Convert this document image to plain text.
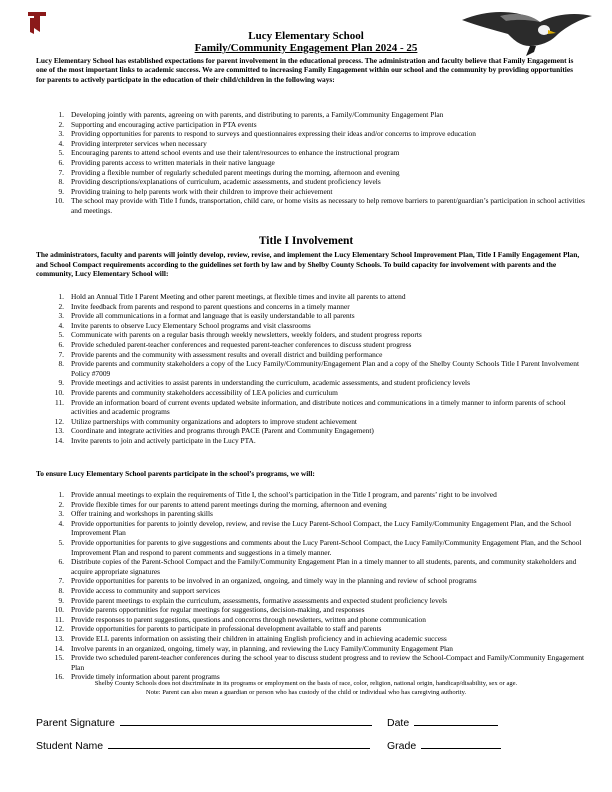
Lucy Elementary School
Family/Community Engagement Plan 2024 - 25
Lucy Elementary School has established expectations for parent involvement in the educational process. The administration and faculty believe that Family Engagement is one of the most important links to academic success. We are committed to increasing Family Engagement within our school and the community by providing opportunities for parents to actively participate in the education of their child/children in the following ways:
1. Developing jointly with parents, agreeing on with parents, and distributing to parents, a Family/Community Engagement Plan
2. Supporting and encouraging active participation in PTA events
3. Providing opportunities for parents to respond to surveys and questionnaires expressing their ideas and/or concerns to improve education
4. Providing interpreter services when necessary
5. Encouraging parents to attend school events and use their talent/resources to enhance the instructional program
6. Providing parents access to written materials in their native language
7. Providing a flexible number of regularly scheduled parent meetings during the morning, afternoon and evening
8. Providing descriptions/explanations of curriculum, academic assessments, and student proficiency levels
9. Providing training to help parents work with their children to improve their achievement
10. The school may provide with Title I funds, transportation, child care, or home visits as necessary to help remove barriers to parent/guardian’s participation in school activities and meetings.
Title I Involvement
The administrators, faculty and parents will jointly develop, review, revise, and implement the Lucy Elementary School Improvement Plan, Title I Family Engagement Plan, and School Compact requirements according to the guidelines set forth by law and by Shelby County Schools. To build capacity for involvement with parents and the community, Lucy Elementary School will:
1. Hold an Annual Title I Parent Meeting and other parent meetings, at flexible times and invite all parents to attend
2. Invite feedback from parents and respond to parent questions and concerns in a timely manner
3. Provide all communications in a format and language that is easily understandable to all parents
4. Invite parents to observe Lucy Elementary School programs and visit classrooms
5. Communicate with parents on a regular basis through weekly newsletters, weekly folders, and student progress reports
6. Provide scheduled parent-teacher conferences and requested parent-teacher conferences to discuss student progress
7. Provide parents and the community with assessment results and overall district and building performance
8. Provide parents and community stakeholders a copy of the Lucy Family/Community/Engagement Plan and a copy of the Shelby County Schools Title I Parent Involvement Policy #7009
9. Provide meetings and activities to assist parents in understanding the curriculum, academic assessments, and student proficiency levels
10. Provide parents and community stakeholders accessibility of LEA policies and curriculum
11. Provide an information board of current events updated website information, and distribute notices and communications in a timely manner to inform parents of school activities and academic programs
12. Utilize partnerships with community organizations and adopters to improve student achievement
13. Coordinate and integrate activities and programs through PACE (Parent and Community Engagement)
14. Invite parents to join and actively participate in the Lucy PTA.
To ensure Lucy Elementary School parents participate in the school’s programs, we will:
1. Provide annual meetings to explain the requirements of Title I, the school’s participation in the Title I program, and parents’ right to be involved
2. Provide flexible times for our parents to attend parent meetings during the morning, afternoon and evening
3. Offer training and workshops in parenting skills
4. Provide opportunities for parents to jointly develop, review, and revise the Lucy Parent-School Compact, the Lucy Family/Community Engagement Plan, and the School Improvement Plan
5. Provide opportunities for parents to give suggestions and comments about the Lucy Parent-School Compact, the Lucy Family/Community Engagement Plan, and the School Improvement Plan and respond to parent comments and suggestions in a timely manner.
6. Distribute copies of the Parent-School Compact and the Family/Community Engagement Plan in a timely manner to all students, parents, and community stakeholders and acquire appropriate signatures
7. Provide opportunities for parents to be involved in an organized, ongoing, and timely way in the planning and review of school programs
8. Provide access to community and support services
9. Provide parent meetings to explain the curriculum, assessments, formative assessments and expected student proficiency levels
10. Provide parents opportunities for regular meetings for suggestions, decision-making, and responses
11. Provide responses to parent suggestions, questions and concerns through newsletters, written and phone communication
12. Provide opportunities for parents to participate in professional development available to staff and parents
13. Provide ELL parents information on assisting their children in attaining English proficiency and in achieving academic success
14. Involve parents in an organized, ongoing, timely way, in planning, and reviewing the Lucy Family/Community Engagement Plan
15. Provide two scheduled parent-teacher conferences during the school year to discuss student progress and to review the School-Compact and Family/Community Engagement Plan
16. Provide timely information about parent programs
Shelby County Schools does not discriminate in its programs or employment on the basis of race, color, religion, national origin, handicap/disability, sex or age.
Note: Parent can also mean a guardian or person who has custody of the child or individual who has caregiving authority.
Parent Signature	Date
Student Name	Grade
